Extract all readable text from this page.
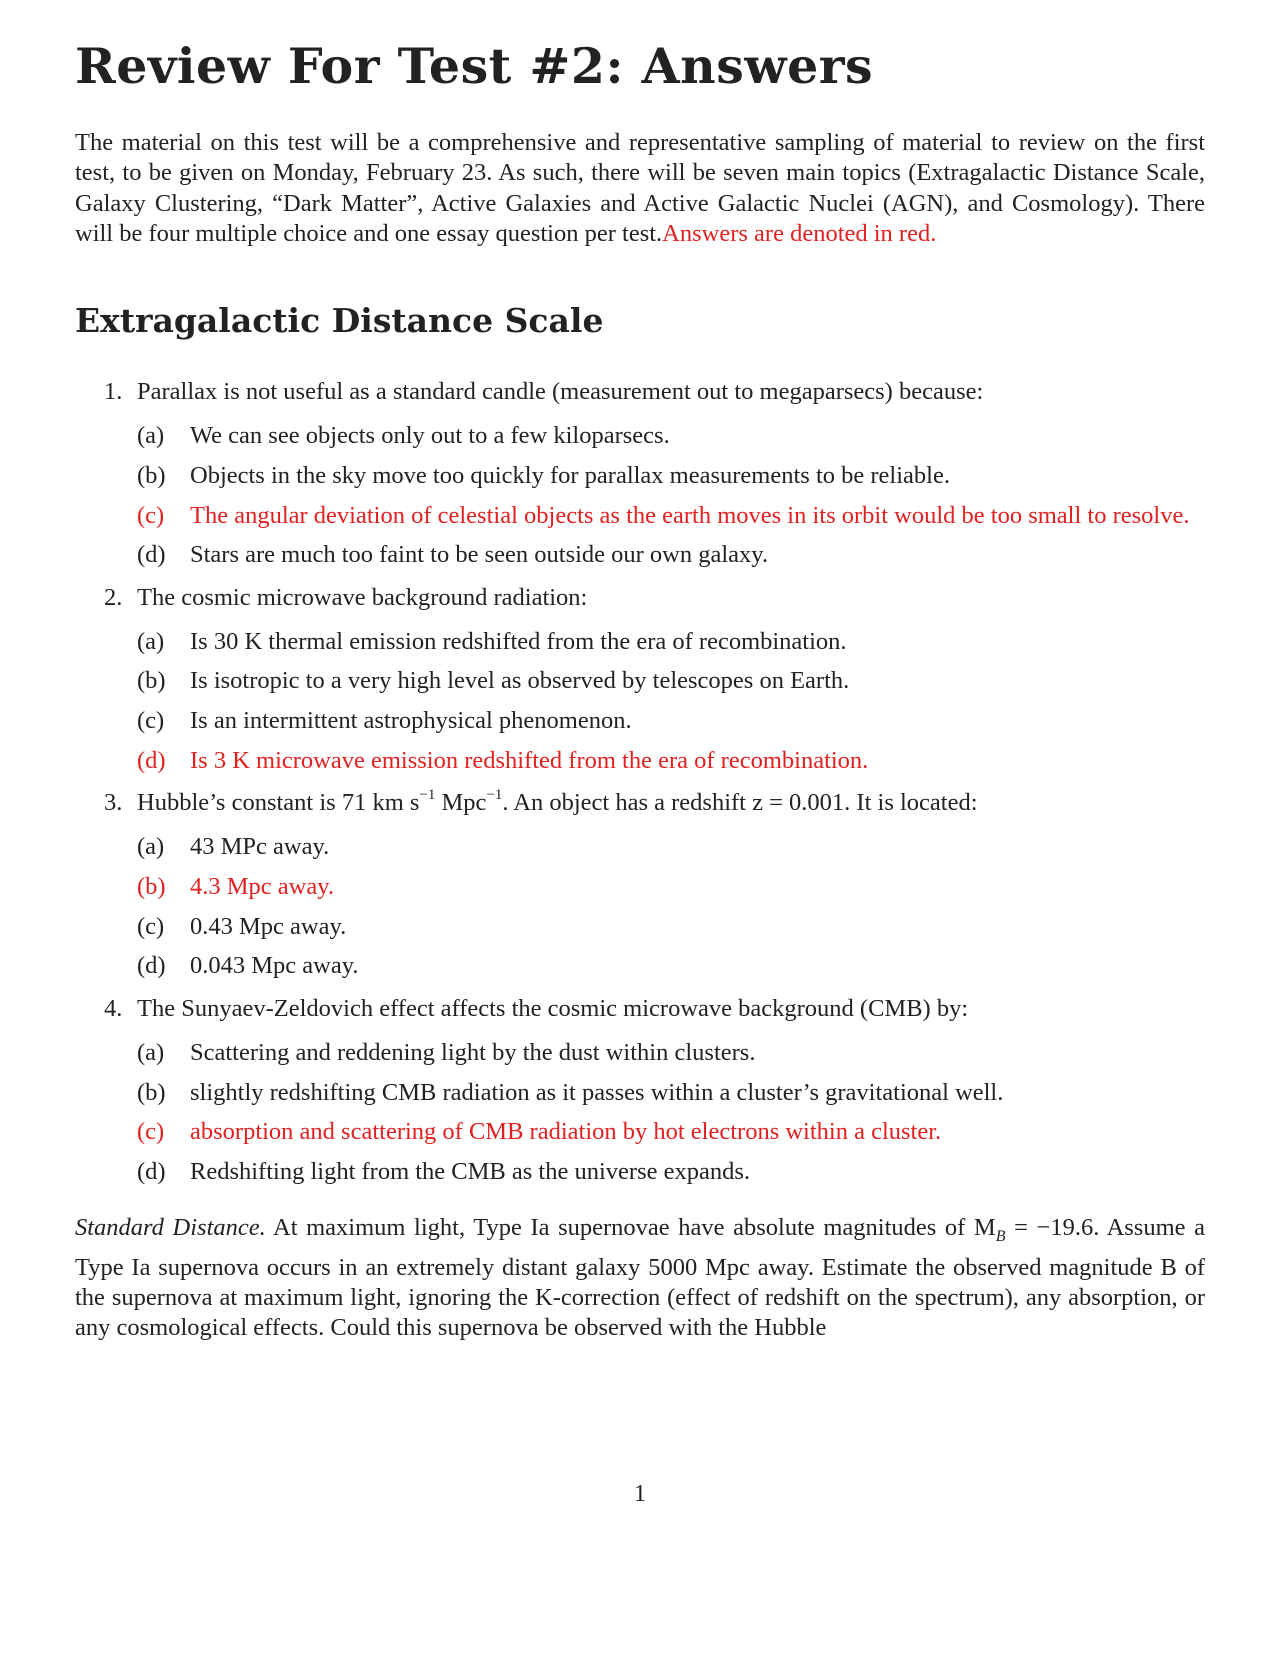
Review For Test #2: Answers

The material on this test will be a comprehensive and representative sampling of material to review on the first test, to be given on Monday, February 23. As such, there will be seven main topics (Extragalactic Distance Scale, Galaxy Clustering, “Dark Matter”, Active Galaxies and Active Galactic Nuclei (AGN), and Cosmology). There will be four multiple choice and one essay question per test.Answers are denoted in red.

Extragalactic Distance Scale
1. Parallax is not useful as a standard candle (measurement out to megaparsecs) because:
(a) We can see objects only out to a few kiloparsecs.
(b) Objects in the sky move too quickly for parallax measurements to be reliable.
(c) The angular deviation of celestial objects as the earth moves in its orbit would be too small to resolve.
(d) Stars are much too faint to be seen outside our own galaxy.
2. The cosmic microwave background radiation:
(a) Is 30 K thermal emission redshifted from the era of recombination.
(b) Is isotropic to a very high level as observed by telescopes on Earth.
(c) Is an intermittent astrophysical phenomenon.
(d) Is 3 K microwave emission redshifted from the era of recombination.
3. Hubble’s constant is 71 km $s^{-1}$ Mpc$^{-1}$. An object has a redshift z = 0.001. It is located:
(a) 43 MPc away.
(b) 4.3 Mpc away.
(c) 0.43 Mpc away.
(d) 0.043 Mpc away.
4. The Sunyaev-Zeldovich effect affects the cosmic microwave background (CMB) by:
(a) Scattering and reddening light by the dust within clusters.
(b) slightly redshifting CMB radiation as it passes within a cluster’s gravitational well.
(c) absorption and scattering of CMB radiation by hot electrons within a cluster.
(d) Redshifting light from the CMB as the universe expands.

Standard Distance. At maximum light, Type Ia supernovae have absolute magnitudes of $M_B = -19.6$. Assume a Type Ia supernova occurs in an extremely distant galaxy 5000 Mpc away. Estimate the observed magnitude B of the supernova at maximum light, ignoring the K-correction (effect of redshift on the spectrum), any absorption, or any cosmological effects. Could this supernova be observed with the Hubble

1
